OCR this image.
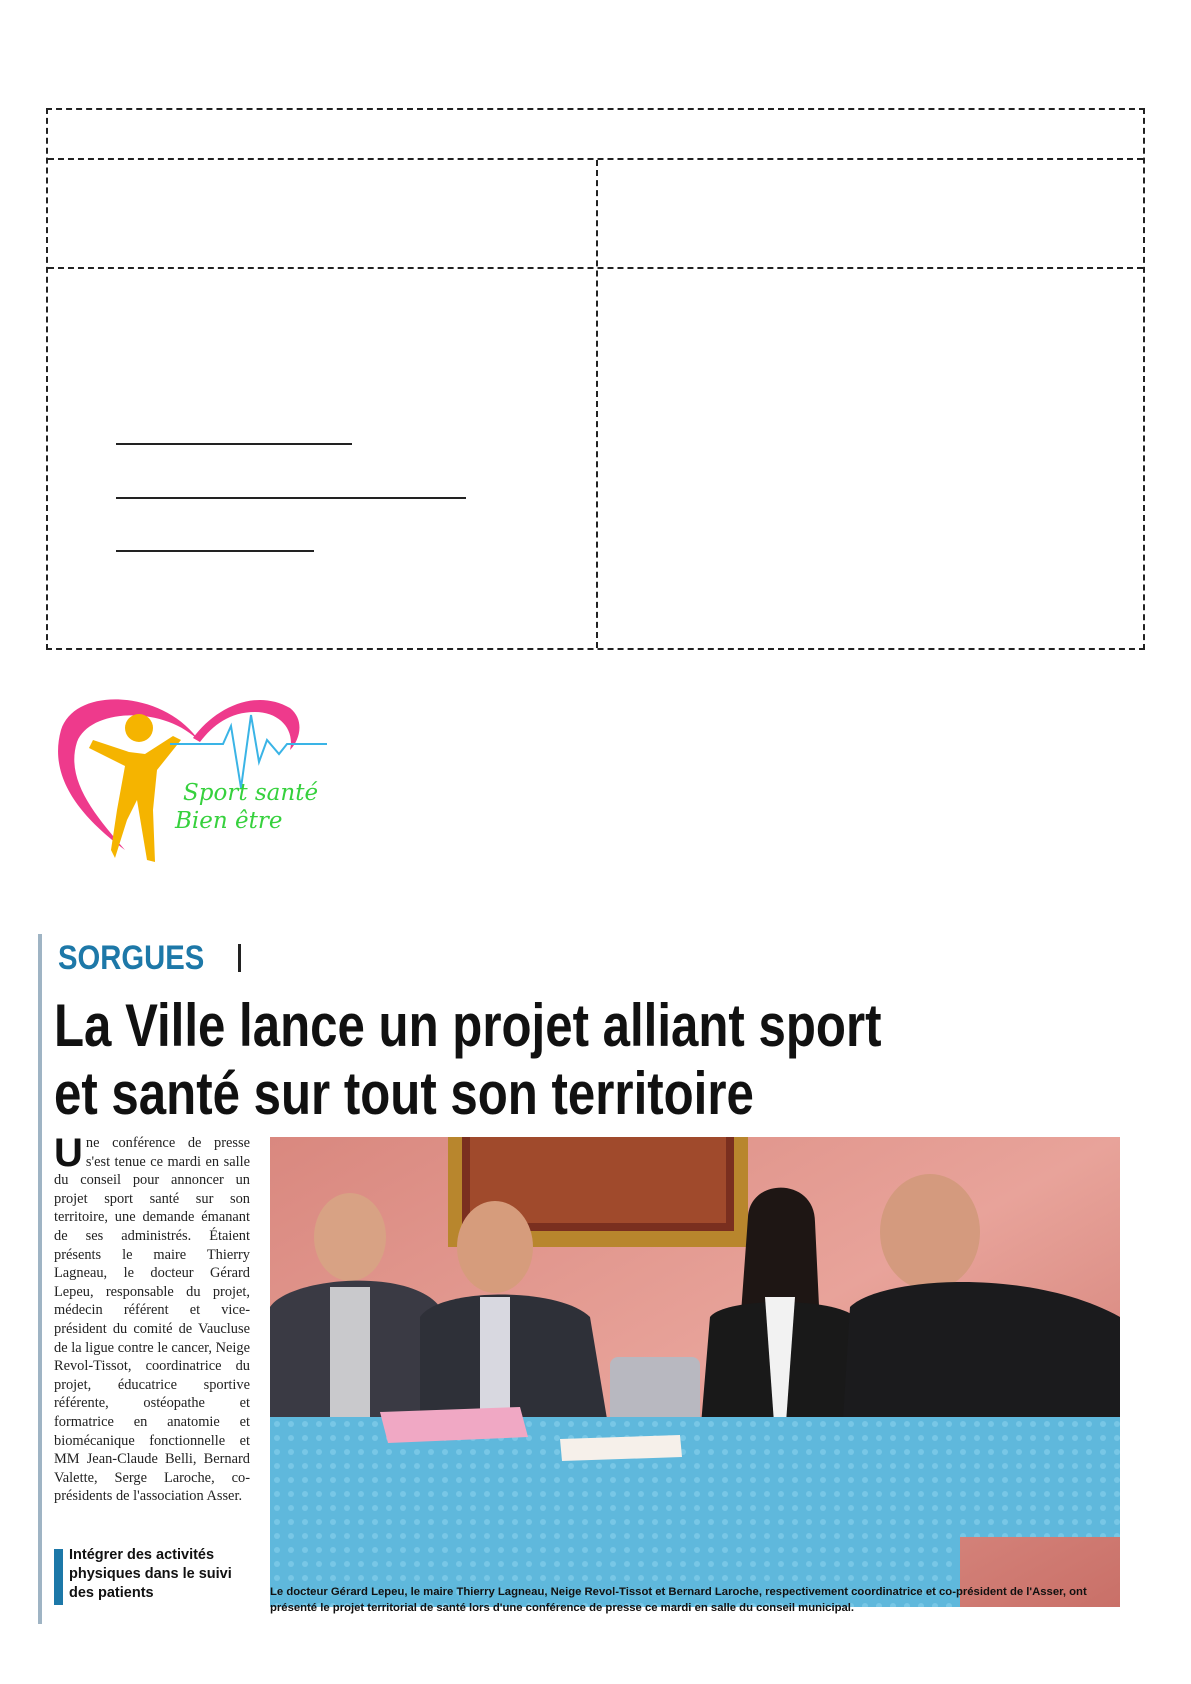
Sport santé
Bien être
SORGUES
La Ville lance un projet alliant sport
et santé sur tout son territoire
U ne conférence de presse s'est tenue ce mardi en salle du conseil pour annoncer un projet sport santé sur son territoire, une demande émanant de ses administrés. Étaient présents le maire Thierry Lagneau, le docteur Gérard Lepeu, responsable du projet, médecin référent et vice-président du comité de Vaucluse de la ligue contre le cancer, Neige Revol-Tissot, coordinatrice du projet, éducatrice sportive référente, ostéopathe et formatrice en anatomie et biomécanique fonctionnelle et MM Jean-Claude Belli, Bernard Valette, Serge Laroche, co-présidents de l'association Asser.
Intégrer des activités physiques dans le suivi des patients	Le docteur Gérard Lepeu, le maire Thierry Lagneau, Neige Revol-Tissot et Bernard Laroche, respectivement coordinatrice et co-président de l'Asser, ont présenté le projet territorial de santé lors d'une conférence de presse ce mardi en salle du conseil municipal.
